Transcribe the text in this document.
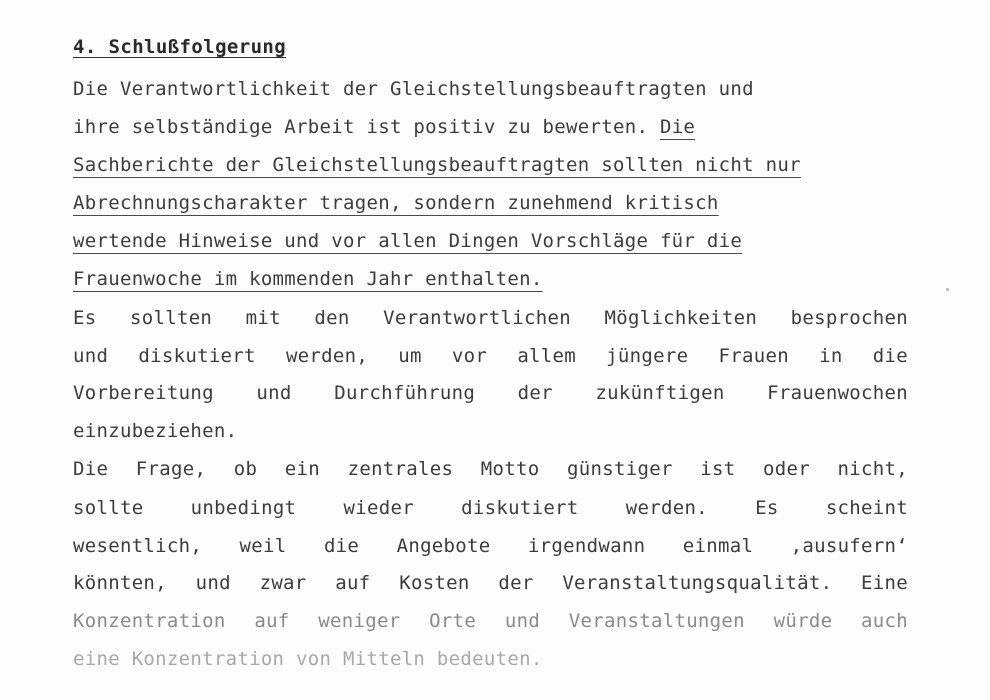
4. Schlußfolgerung
Die Verantwortlichkeit der Gleichstellungsbeauftragten und
ihre selbständige Arbeit ist positiv zu bewerten. Die
Sachberichte der Gleichstellungsbeauftragten sollten nicht nur
Abrechnungscharakter tragen, sondern zunehmend kritisch
wertende Hinweise und vor allen Dingen Vorschläge für die
Frauenwoche im kommenden Jahr enthalten.
Es sollten mit den Verantwortlichen Möglichkeiten besprochen
und diskutiert werden, um vor allem jüngere Frauen in die
Vorbereitung und Durchführung der zukünftigen Frauenwochen
einzubeziehen.
Die Frage, ob ein zentrales Motto günstiger ist oder nicht,
sollte unbedingt wieder diskutiert werden. Es scheint
wesentlich, weil die Angebote irgendwann einmal ‚ausufern‘
könnten, und zwar auf Kosten der Veranstaltungsqualität. Eine
Konzentration auf weniger Orte und Veranstaltungen würde auch
eine Konzentration von Mitteln bedeuten.
